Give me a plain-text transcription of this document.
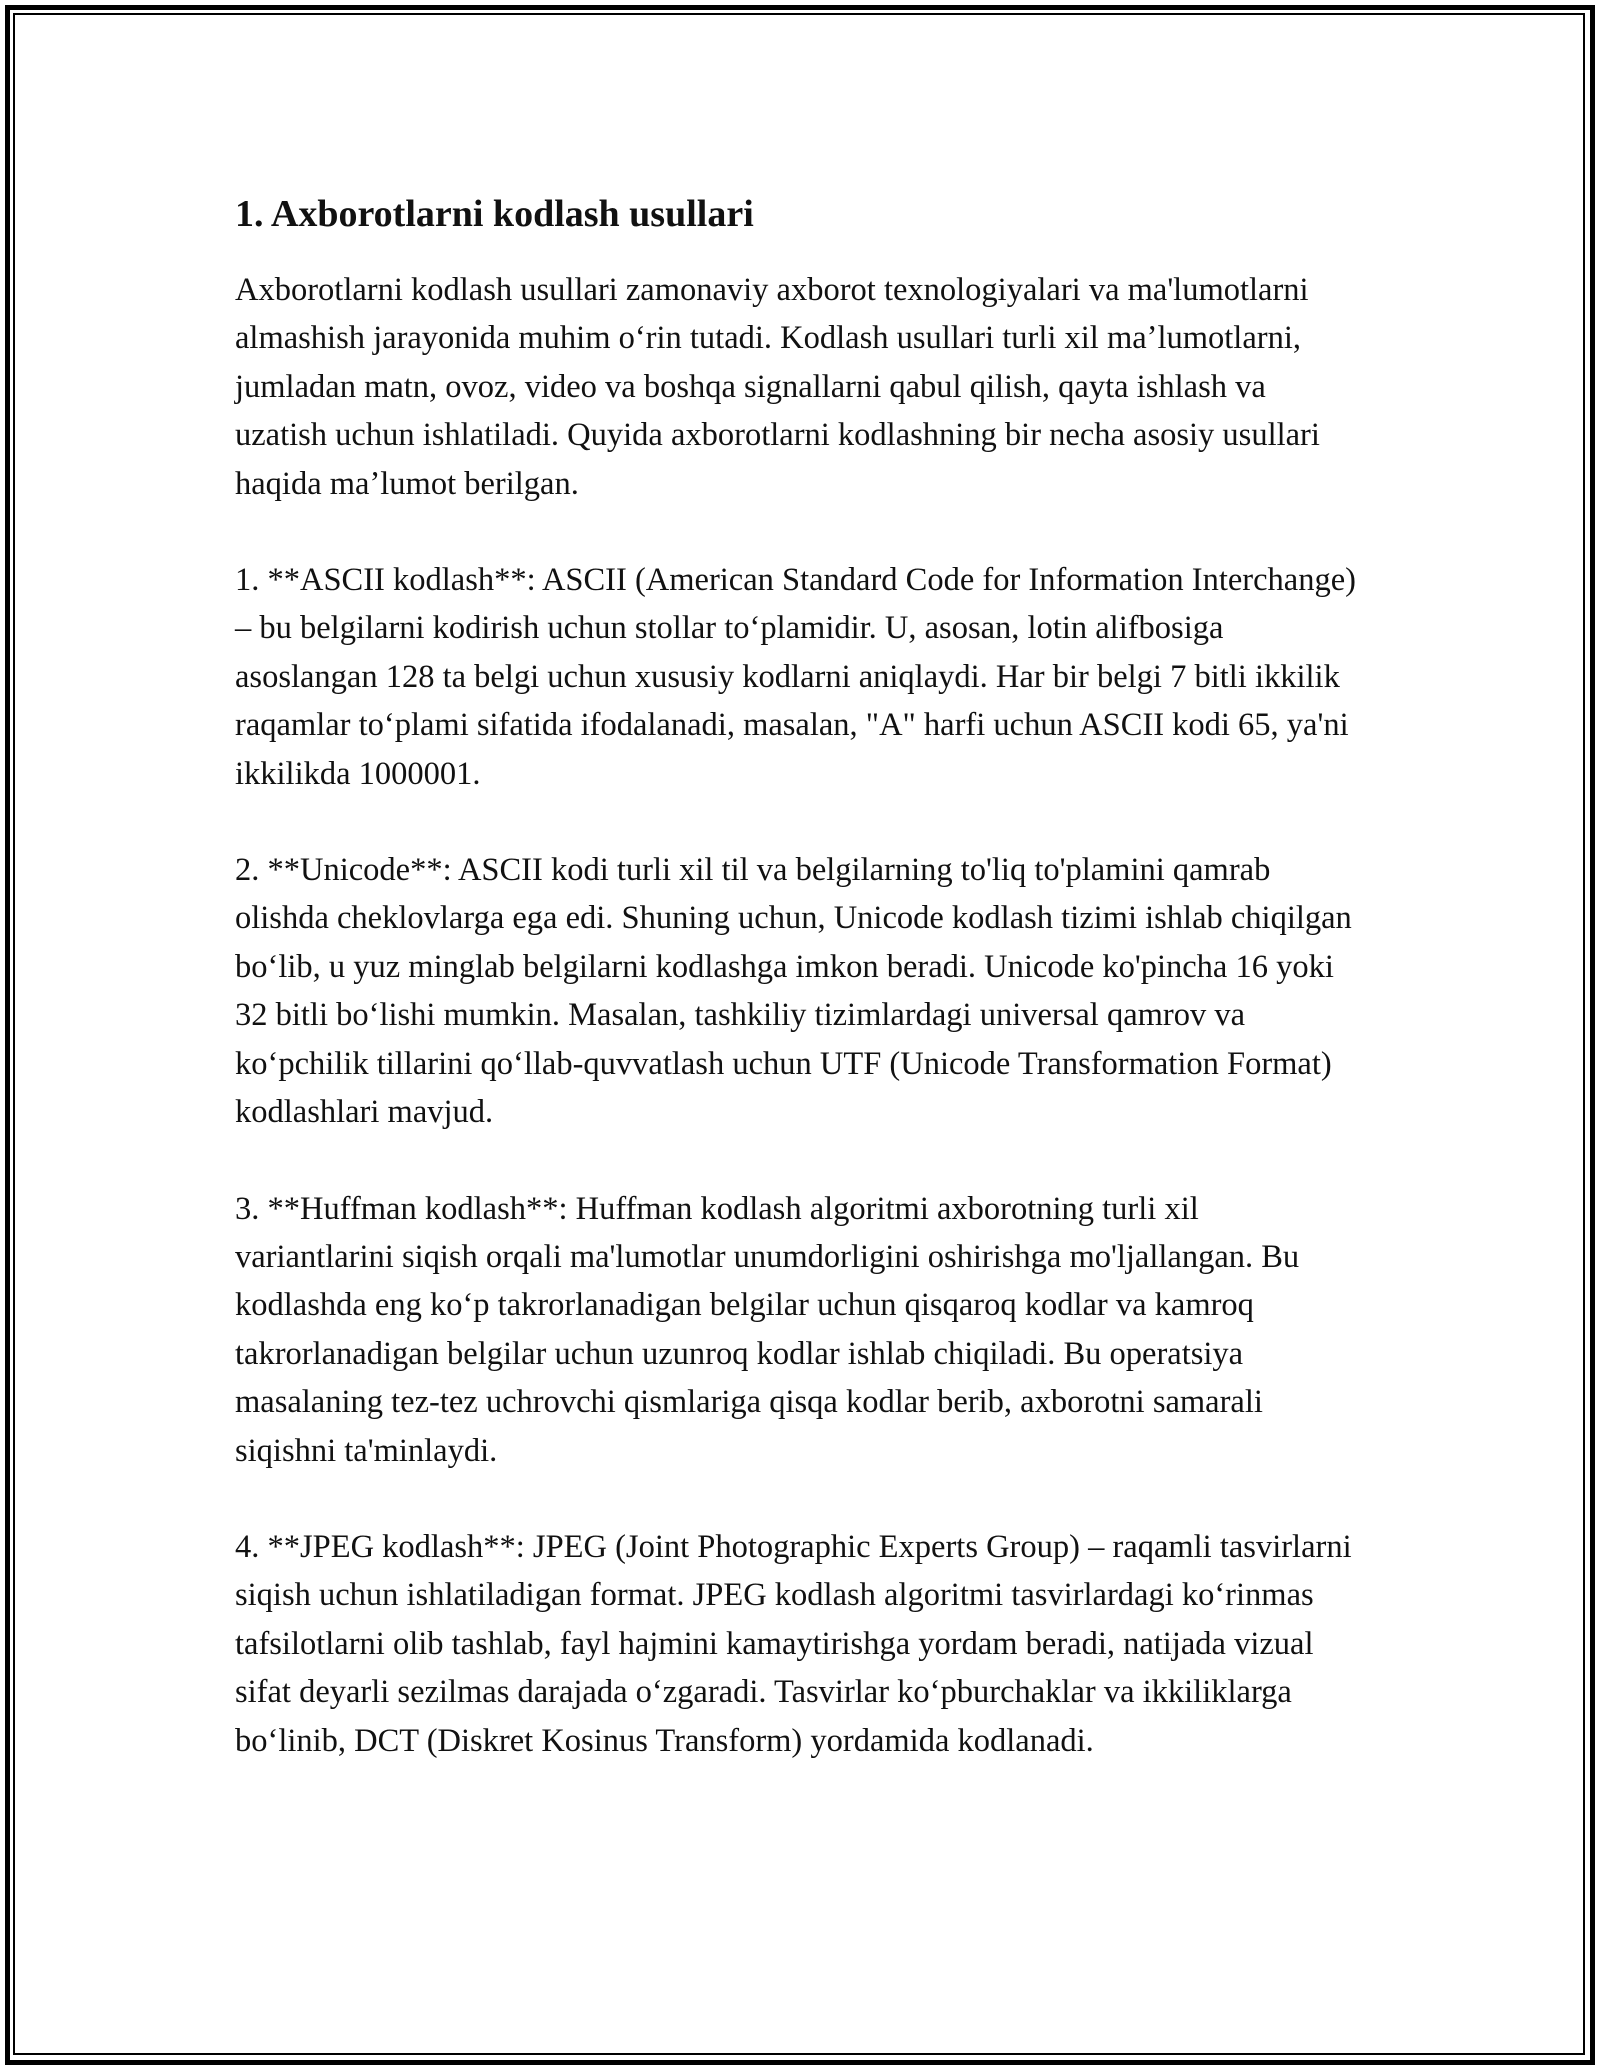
1. Axborotlarni kodlash usullari

Axborotlarni kodlash usullari zamonaviy axborot texnologiyalari va ma'lumotlarni almashish jarayonida muhim oʻrin tutadi. Kodlash usullari turli xil maʼlumotlarni, jumladan matn, ovoz, video va boshqa signallarni qabul qilish, qayta ishlash va uzatish uchun ishlatiladi. Quyida axborotlarni kodlashning bir necha asosiy usullari haqida maʼlumot berilgan.

1. **ASCII kodlash**: ASCII (American Standard Code for Information Interchange) – bu belgilarni kodirish uchun stollar toʻplamidir. U, asosan, lotin alifbosiga asoslangan 128 ta belgi uchun xususiy kodlarni aniqlaydi. Har bir belgi 7 bitli ikkilik raqamlar toʻplami sifatida ifodalanadi, masalan, "A" harfi uchun ASCII kodi 65, ya'ni ikkilikda 1000001.

2. **Unicode**: ASCII kodi turli xil til va belgilarning to'liq to'plamini qamrab olishda cheklovlarga ega edi. Shuning uchun, Unicode kodlash tizimi ishlab chiqilgan boʻlib, u yuz minglab belgilarni kodlashga imkon beradi. Unicode ko'pincha 16 yoki 32 bitli boʻlishi mumkin. Masalan, tashkiliy tizimlardagi universal qamrov va koʻpchilik tillarini qoʻllab-quvvatlash uchun UTF (Unicode Transformation Format) kodlashlari mavjud.

3. **Huffman kodlash**: Huffman kodlash algoritmi axborotning turli xil variantlarini siqish orqali ma'lumotlar unumdorligini oshirishga mo'ljallangan. Bu kodlashda eng koʻp takrorlanadigan belgilar uchun qisqaroq kodlar va kamroq takrorlanadigan belgilar uchun uzunroq kodlar ishlab chiqiladi. Bu operatsiya masalaning tez-tez uchrovchi qismlariga qisqa kodlar berib, axborotni samarali siqishni ta'minlaydi.

4. **JPEG kodlash**: JPEG (Joint Photographic Experts Group) – raqamli tasvirlarni siqish uchun ishlatiladigan format. JPEG kodlash algoritmi tasvirlardagi koʻrinmas tafsilotlarni olib tashlab, fayl hajmini kamaytirishga yordam beradi, natijada vizual sifat deyarli sezilmas darajada oʻzgaradi. Tasvirlar koʻpburchaklar va ikkiliklarga boʻlinib, DCT (Diskret Kosinus Transform) yordamida kodlanadi.
